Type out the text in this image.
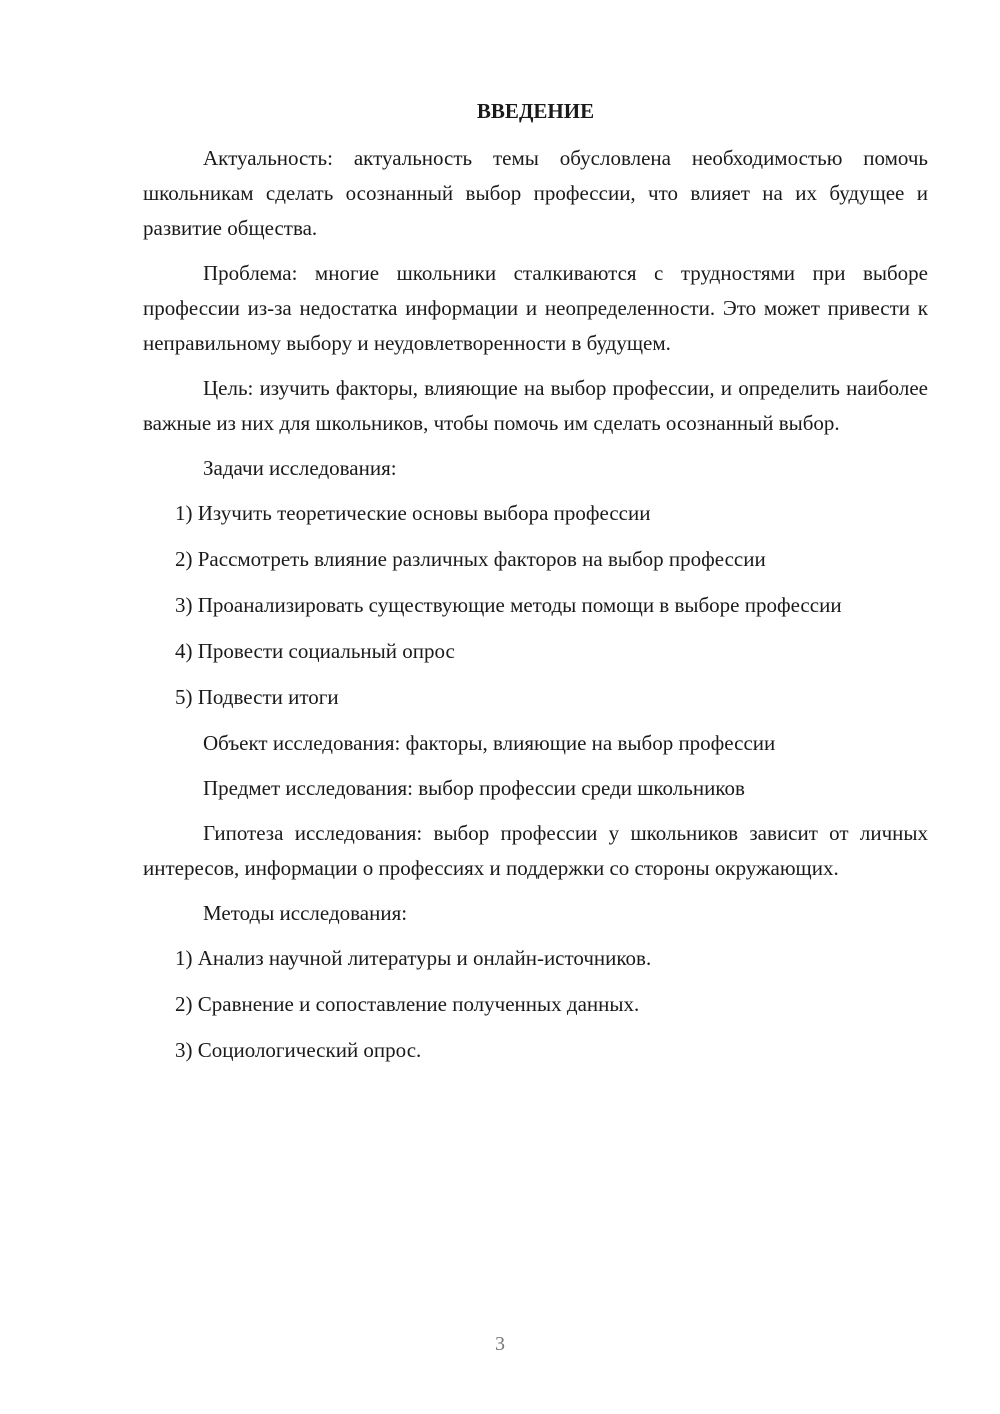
ВВЕДЕНИЕ

Актуальность: актуальность темы обусловлена необходимостью помочь школьникам сделать осознанный выбор профессии, что влияет на их будущее и развитие общества.

Проблема: многие школьники сталкиваются с трудностями при выборе профессии из-за недостатка информации и неопределенности. Это может привести к неправильному выбору и неудовлетворенности в будущем.

Цель: изучить факторы, влияющие на выбор профессии, и определить наиболее важные из них для школьников, чтобы помочь им сделать осознанный выбор.

Задачи исследования:

1) Изучить теоретические основы выбора профессии

2) Рассмотреть влияние различных факторов на выбор профессии

3) Проанализировать существующие методы помощи в выборе профессии

4) Провести социальный опрос

5) Подвести итоги

Объект исследования: факторы, влияющие на выбор профессии

Предмет исследования: выбор профессии среди школьников

Гипотеза исследования: выбор профессии у школьников зависит от личных интересов, информации о профессиях и поддержки со стороны окружающих.

Методы исследования:

1) Анализ научной литературы и онлайн-источников.

2) Сравнение и сопоставление полученных данных.

3) Социологический опрос.

3
